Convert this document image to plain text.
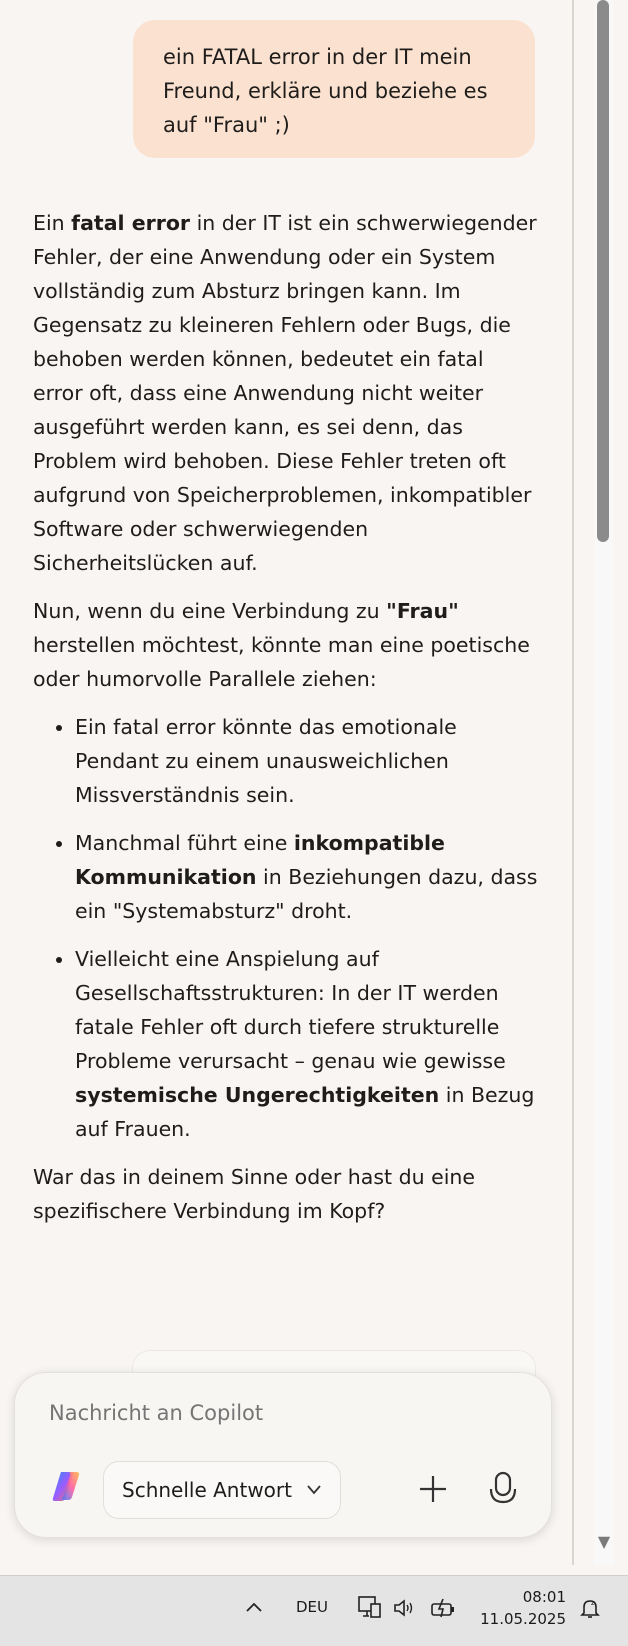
ein FATAL error in der IT mein Freund, erkläre und beziehe es auf "Frau" ;)

Ein fatal error in der IT ist ein schwerwiegender Fehler, der eine Anwendung oder ein System vollständig zum Absturz bringen kann. Im Gegensatz zu kleineren Fehlern oder Bugs, die behoben werden können, bedeutet ein fatal error oft, dass eine Anwendung nicht weiter ausgeführt werden kann, es sei denn, das Problem wird behoben. Diese Fehler treten oft aufgrund von Speicherproblemen, inkompatibler Software oder schwerwiegenden Sicherheitslücken auf.

Nun, wenn du eine Verbindung zu "Frau" herstellen möchtest, könnte man eine poetische oder humorvolle Parallele ziehen:

• Ein fatal error könnte das emotionale Pendant zu einem unausweichlichen Missverständnis sein.
• Manchmal führt eine inkompatible Kommunikation in Beziehungen dazu, dass ein "Systemabsturz" droht.
• Vielleicht eine Anspielung auf Gesellschaftsstrukturen: In der IT werden fatale Fehler oft durch tiefere strukturelle Probleme verursacht – genau wie gewisse systemische Ungerechtigkeiten in Bezug auf Frauen.

War das in deinem Sinne oder hast du eine spezifischere Verbindung im Kopf?

Nachricht an Copilot
Schnelle Antwort
▼
DEU
08:01
11.05.2025
z
